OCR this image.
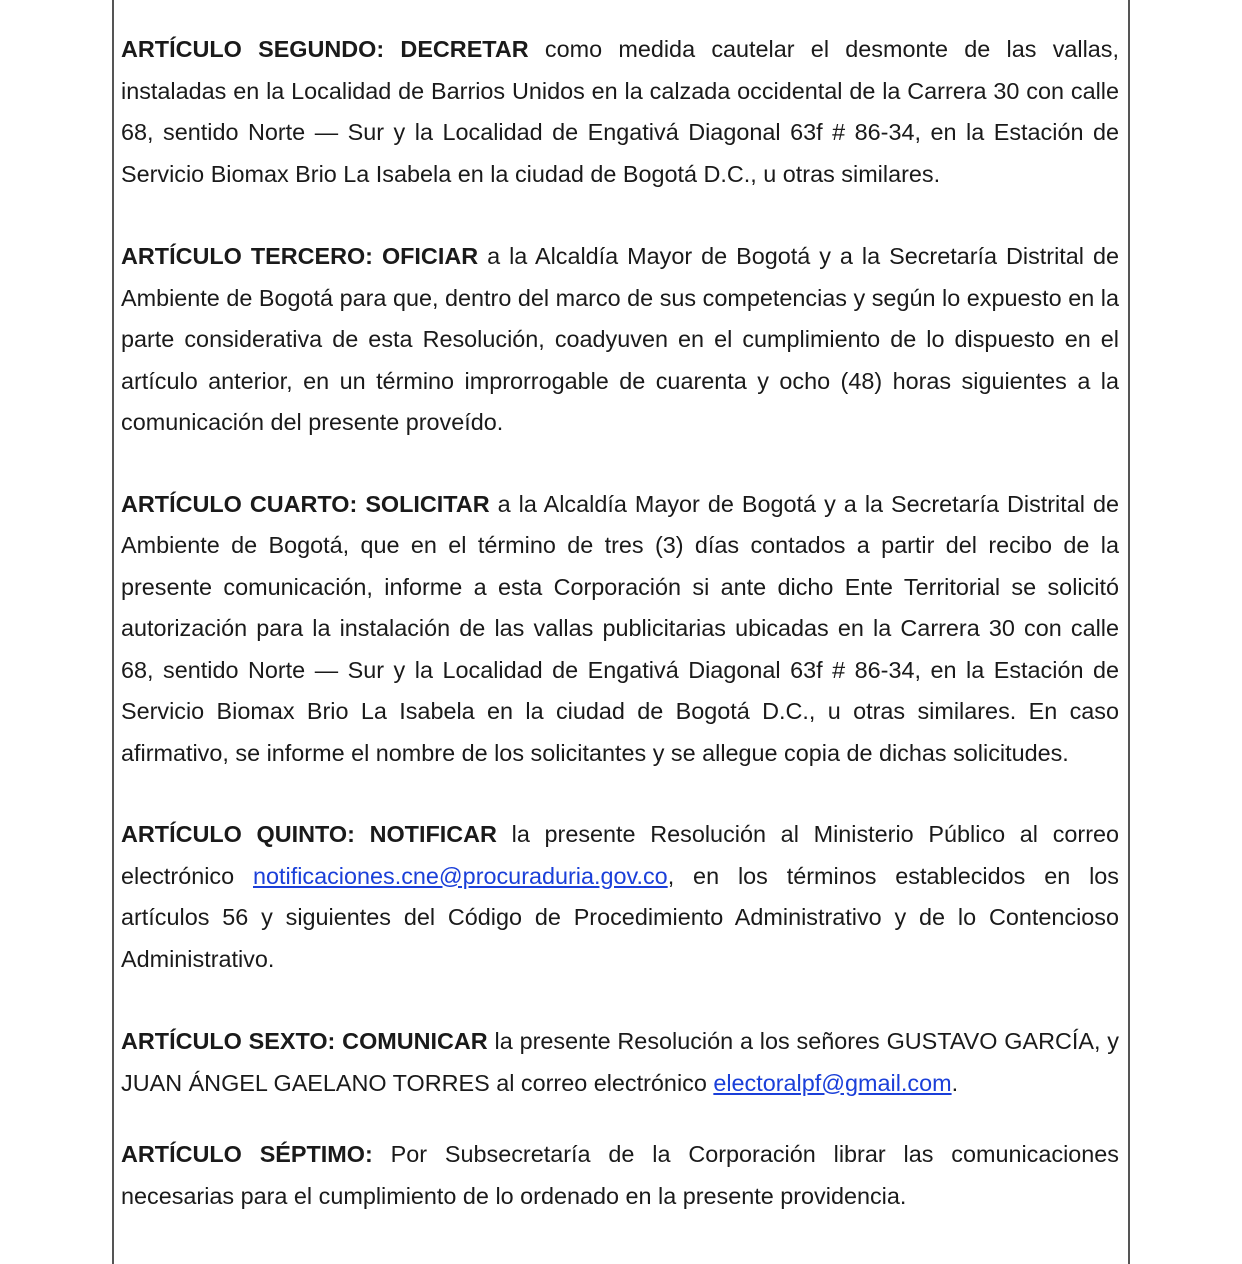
ARTÍCULO SEGUNDO: DECRETAR como medida cautelar el desmonte de las vallas, instaladas en la Localidad de Barrios Unidos en la calzada occidental de la Carrera 30 con calle 68, sentido Norte — Sur y la Localidad de Engativá Diagonal 63f # 86-34, en la Estación de Servicio Biomax Brio La Isabela en la ciudad de Bogotá D.C., u otras similares.

ARTÍCULO TERCERO: OFICIAR a la Alcaldía Mayor de Bogotá y a la Secretaría Distrital de Ambiente de Bogotá para que, dentro del marco de sus competencias y según lo expuesto en la parte considerativa de esta Resolución, coadyuven en el cumplimiento de lo dispuesto en el artículo anterior, en un término improrrogable de cuarenta y ocho (48) horas siguientes a la comunicación del presente proveído.

ARTÍCULO CUARTO: SOLICITAR a la Alcaldía Mayor de Bogotá y a la Secretaría Distrital de Ambiente de Bogotá, que en el término de tres (3) días contados a partir del recibo de la presente comunicación, informe a esta Corporación si ante dicho Ente Territorial se solicitó autorización para la instalación de las vallas publicitarias ubicadas en la Carrera 30 con calle 68, sentido Norte — Sur y la Localidad de Engativá Diagonal 63f # 86-34, en la Estación de Servicio Biomax Brio La Isabela en la ciudad de Bogotá D.C., u otras similares. En caso afirmativo, se informe el nombre de los solicitantes y se allegue copia de dichas solicitudes.

ARTÍCULO QUINTO: NOTIFICAR la presente Resolución al Ministerio Público al correo electrónico notificaciones.cne@procuraduria.gov.co, en los términos establecidos en los artículos 56 y siguientes del Código de Procedimiento Administrativo y de lo Contencioso Administrativo.

ARTÍCULO SEXTO: COMUNICAR la presente Resolución a los señores GUSTAVO GARCÍA, y JUAN ÁNGEL GAELANO TORRES al correo electrónico electoralpf@gmail.com.

ARTÍCULO SÉPTIMO: Por Subsecretaría de la Corporación librar las comunicaciones necesarias para el cumplimiento de lo ordenado en la presente providencia.
